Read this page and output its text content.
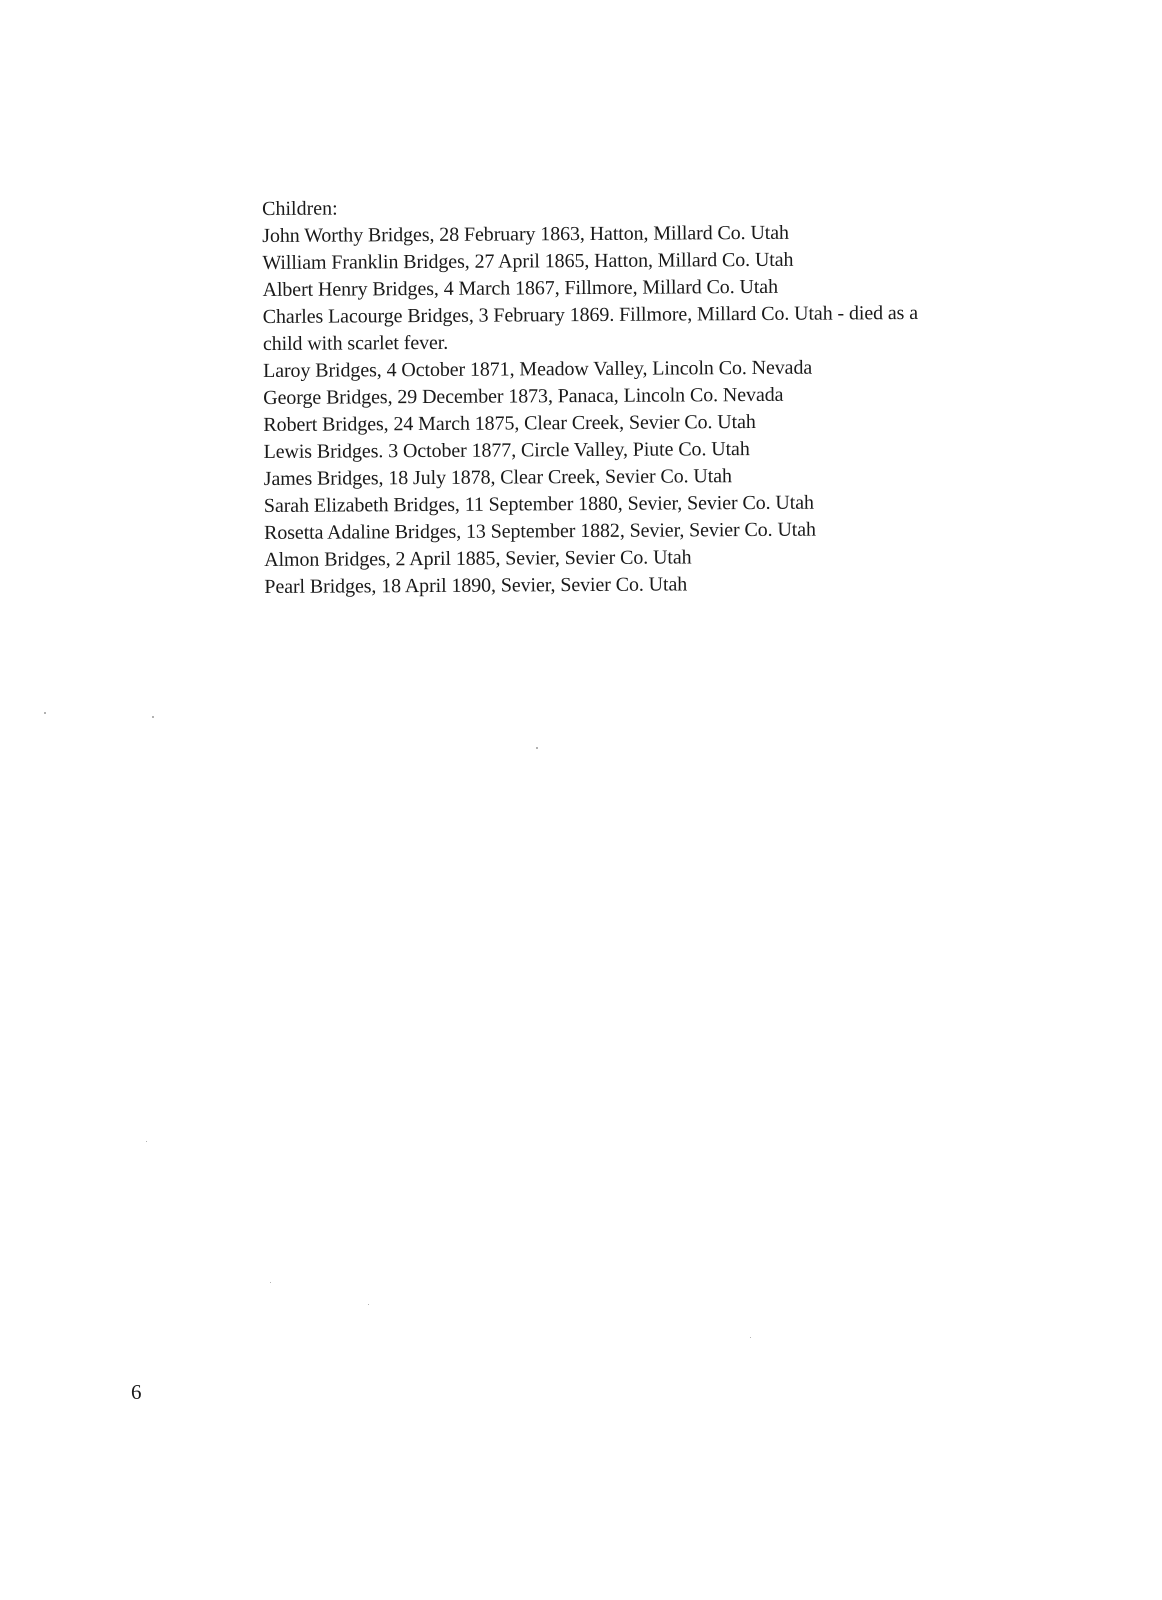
Children:
John Worthy Bridges, 28 February 1863, Hatton, Millard Co. Utah
William Franklin Bridges, 27 April 1865, Hatton, Millard Co. Utah
Albert Henry Bridges, 4 March 1867, Fillmore, Millard Co. Utah
Charles Lacourge Bridges, 3 February 1869. Fillmore, Millard Co. Utah - died as a
child with scarlet fever.
Laroy Bridges, 4 October 1871, Meadow Valley, Lincoln Co. Nevada
George Bridges, 29 December 1873, Panaca, Lincoln Co. Nevada
Robert Bridges, 24 March 1875, Clear Creek, Sevier Co. Utah
Lewis Bridges. 3 October 1877, Circle Valley, Piute Co. Utah
James Bridges, 18 July 1878, Clear Creek, Sevier Co. Utah
Sarah Elizabeth Bridges, 11 September 1880, Sevier, Sevier Co. Utah
Rosetta Adaline Bridges, 13 September 1882, Sevier, Sevier Co. Utah
Almon Bridges, 2 April 1885, Sevier, Sevier Co. Utah
Pearl Bridges, 18 April 1890, Sevier, Sevier Co. Utah
6
